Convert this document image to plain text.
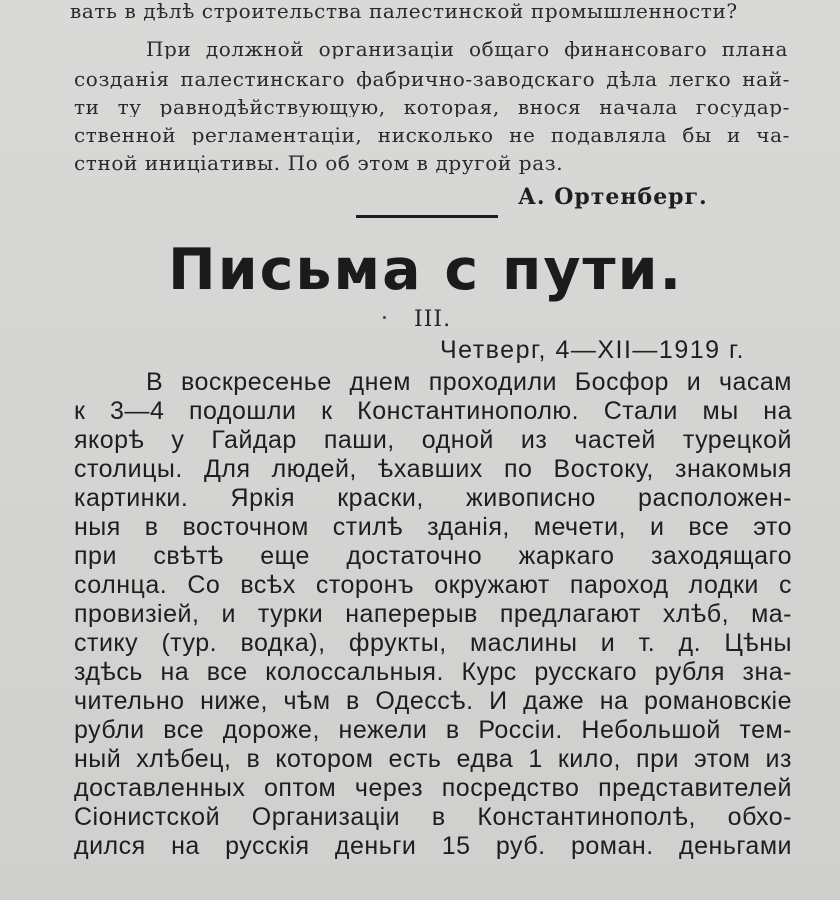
вать в дѣлѣ строительства палестинской промышленности?
При должной организаціи общаго финансоваго плана
созданія палестинскаго фабрично-заводскаго дѣла легко най-
ти ту равнодѣйствующую, которая, внося начала государ-
ственной регламентаціи, нисколько не подавляла бы и ча-
стной иниціативы. По об этом в другой раз.
А. Ортенберг.
Письма с пути.
III.
Четверг, 4—XII—1919 г.
В воскресенье днем проходили Босфор и часам
к 3—4 подошли к Константинополю. Стали мы на
якорѣ у Гайдар паши, одной из частей турецкой
столицы. Для людей, ѣхавших по Востоку, знакомыя
картинки. Яркія краски, живописно расположен-
ныя в восточном стилѣ зданія, мечети, и все это
при свѣтѣ еще достаточно жаркаго заходящаго
солнца. Со всѣх сторонъ окружают пароход лодки с
провизіей, и турки наперерыв предлагают хлѣб, ма-
стику (тур. водка), фрукты, маслины и т. д. Цѣны
здѣсь на все колоссальныя. Курс русскаго рубля зна-
чительно ниже, чѣм в Одессѣ. И даже на романовскіе
рубли все дороже, нежели в Россіи. Небольшой тем-
ный хлѣбец, в котором есть едва 1 кило, при этом из
доставленных оптом через посредство представителей
Сіонистской Организаціи в Константинополѣ, обхо-
дился на русскія деньги 15 руб. роман. деньгами
